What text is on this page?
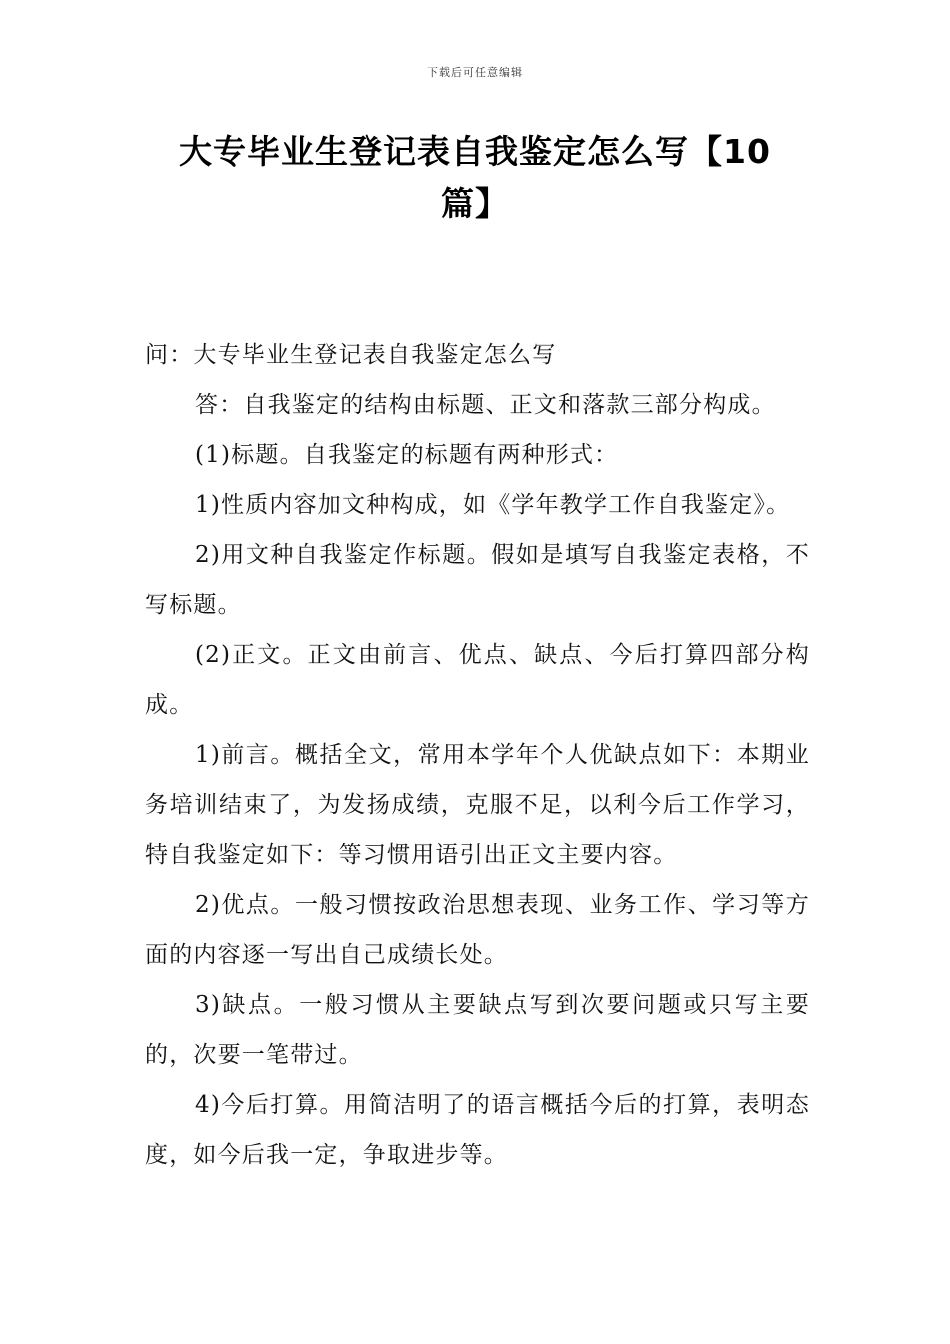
下载后可任意编辑
大专毕业生登记表自我鉴定怎么写【10篇】

问：大专毕业生登记表自我鉴定怎么写

答：自我鉴定的结构由标题、正文和落款三部分构成。

(1)标题。自我鉴定的标题有两种形式：

1)性质内容加文种构成，如《学年教学工作自我鉴定》。

2)用文种自我鉴定作标题。假如是填写自我鉴定表格，不写标题。

(2)正文。正文由前言、优点、缺点、今后打算四部分构成。

1)前言。概括全文，常用本学年个人优缺点如下：本期业务培训结束了，为发扬成绩，克服不足，以利今后工作学习，特自我鉴定如下：等习惯用语引出正文主要内容。

2)优点。一般习惯按政治思想表现、业务工作、学习等方面的内容逐一写出自己成绩长处。

3)缺点。一般习惯从主要缺点写到次要问题或只写主要的，次要一笔带过。

4)今后打算。用简洁明了的语言概括今后的打算，表明态度，如今后我一定，争取进步等。
